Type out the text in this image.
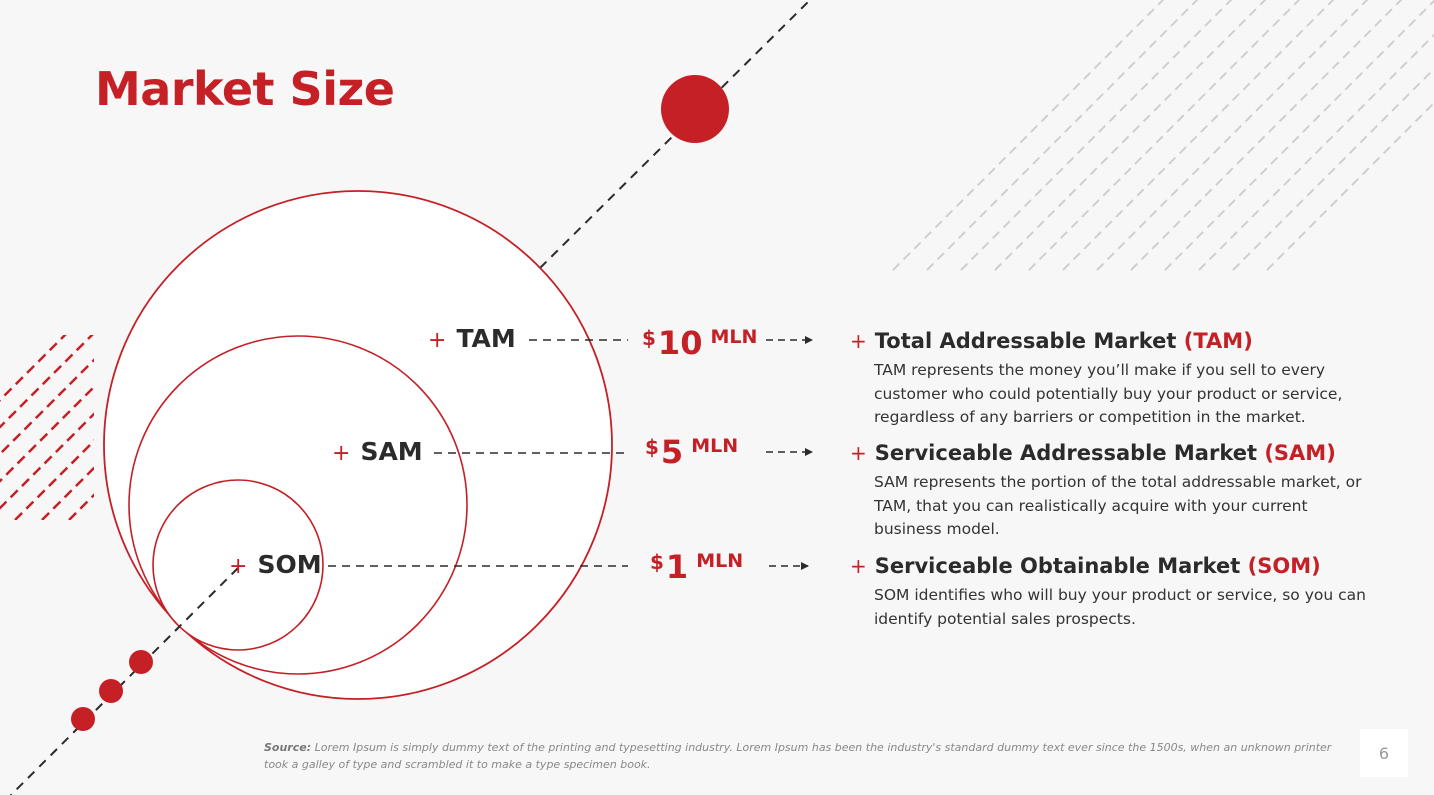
Market Size
+ TAM
+ SAM
+ SOM
$10 MLN
$5 MLN
$1 MLN
+ Total Addressable Market (TAM)
TAM represents the money you’ll make if you sell to every customer who could potentially buy your product or service, regardless of any barriers or competition in the market.
+ Serviceable Addressable Market (SAM)
SAM represents the portion of the total addressable market, or TAM, that you can realistically acquire with your current business model.
+ Serviceable Obtainable Market (SOM)
SOM identifies who will buy your product or service, so you can identify potential sales prospects.
Source: Lorem Ipsum is simply dummy text of the printing and typesetting industry. Lorem Ipsum has been the industry's standard dummy text ever since the 1500s, when an unknown printer took a galley of type and scrambled it to make a type specimen book.
6
